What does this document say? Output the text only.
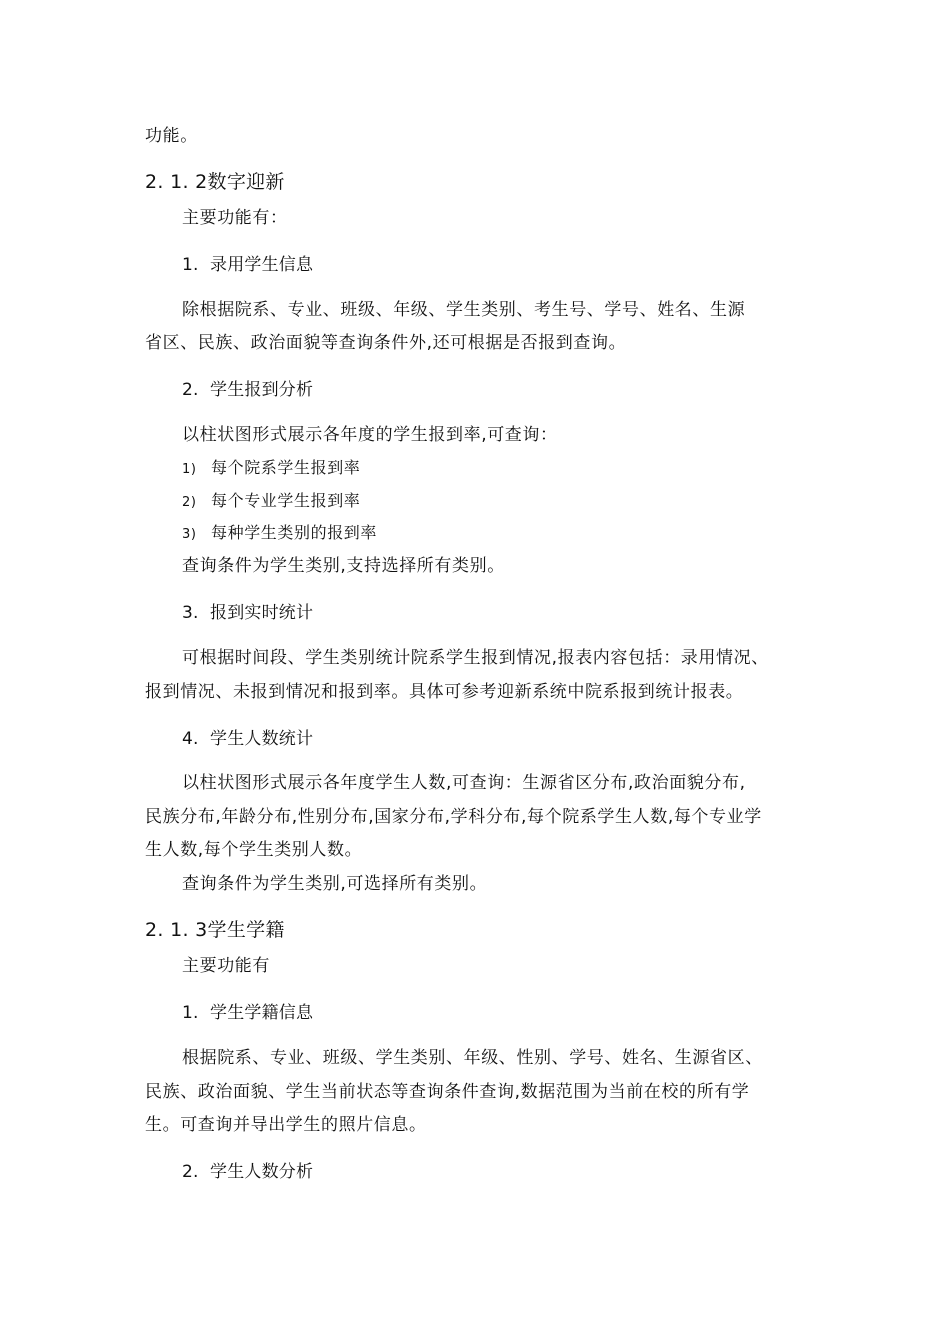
功能。
2. 1. 2数字迎新
主要功能有：
1. 录用学生信息
除根据院系、专业、班级、年级、学生类别、考生号、学号、姓名、生源
省区、民族、政治面貌等查询条件外,还可根据是否报到查询。
2. 学生报到分析
以柱状图形式展示各年度的学生报到率,可查询：
1) 每个院系学生报到率
2) 每个专业学生报到率
3) 每种学生类别的报到率
查询条件为学生类别,支持选择所有类别。
3. 报到实时统计
可根据时间段、学生类别统计院系学生报到情况,报表内容包括：录用情况、
报到情况、未报到情况和报到率。具体可参考迎新系统中院系报到统计报表。
4. 学生人数统计
以柱状图形式展示各年度学生人数,可查询：生源省区分布,政治面貌分布,
民族分布,年龄分布,性别分布,国家分布,学科分布,每个院系学生人数,每个专业学
生人数,每个学生类别人数。
查询条件为学生类别,可选择所有类别。
2. 1. 3学生学籍
主要功能有
1. 学生学籍信息
根据院系、专业、班级、学生类别、年级、性别、学号、姓名、生源省区、
民族、政治面貌、学生当前状态等查询条件查询,数据范围为当前在校的所有学
生。可查询并导出学生的照片信息。
2. 学生人数分析
